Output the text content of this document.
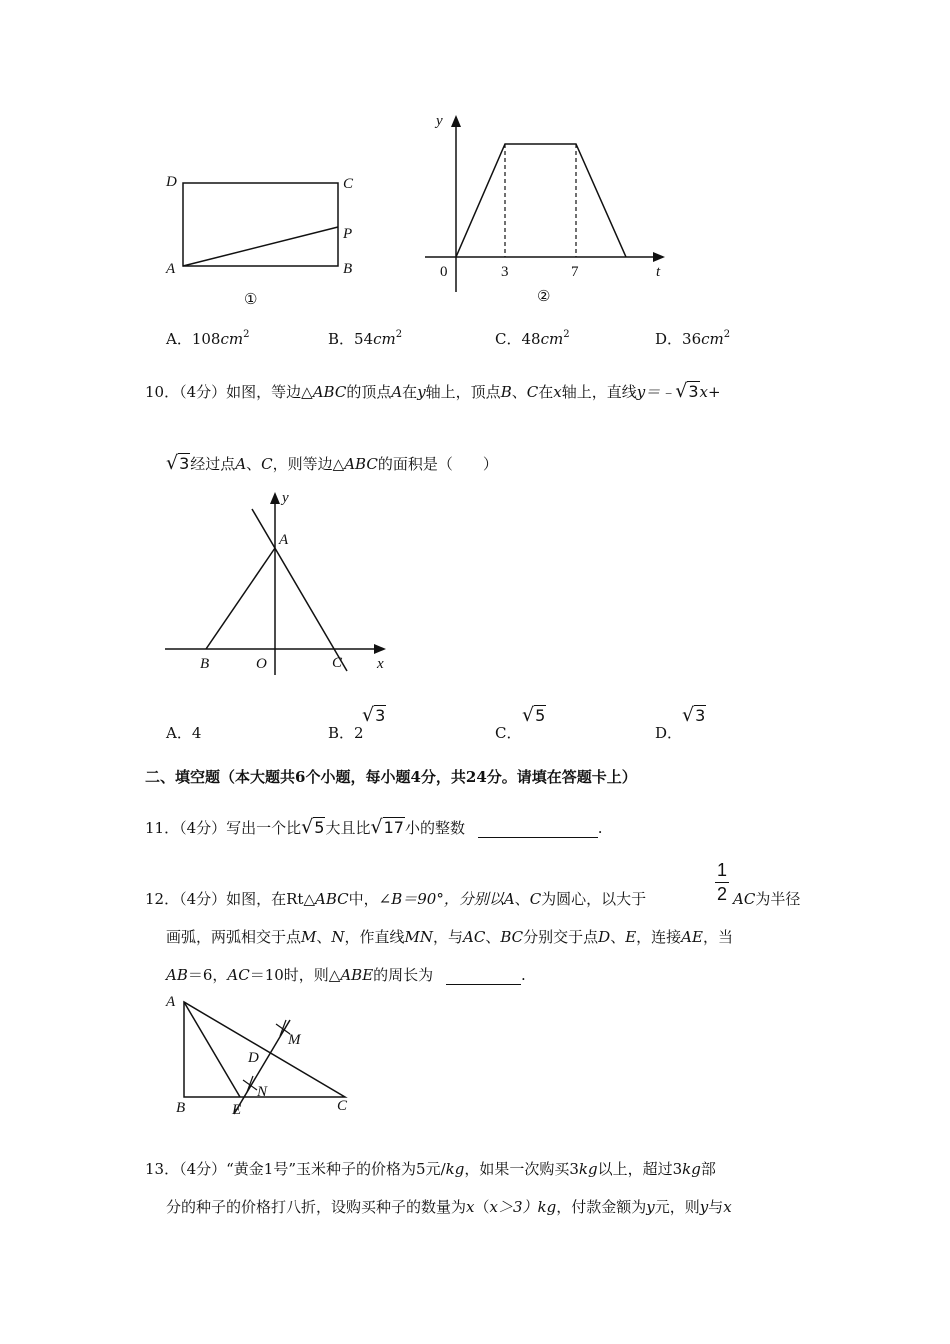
D	C
P
A	B
①
y
t
0	3	7
②
A．$108cm^2$	B．$54cm^2$	C．$48cm^2$	D．$36cm^2$
10．（4分）如图，等边△ABC的顶点A在y轴上，顶点B、C在x轴上，直线y＝﹣√3x+
√3经过点A、C，则等边△ABC的面积是（　　）
y
A
B	O	C x
A．4	B．2
√3
C．
√5
D．
√3
二、填空题（本大题共6个小题，每小题4分，共24分。请填在答题卡上）
11．（4分）写出一个比√5大且比√17小的整数	.
1
2
12．（4分）如图，在Rt△ABC中，∠B＝90°，分别以A、C为圆心，以大于	AC为半径
画弧，两弧相交于点M、N，作直线MN，与AC、BC分别交于点D、E，连接AE，当
AB＝6，AC＝10时，则△ABE的周长为	.
A
B	C
D
E
M
N
13．（4分）“黄金1号”玉米种子的价格为5元/kg，如果一次购买3kg以上，超过3kg部
分的种子的价格打八折，设购买种子的数量为x（x＞3）kg，付款金额为y元，则y与x
